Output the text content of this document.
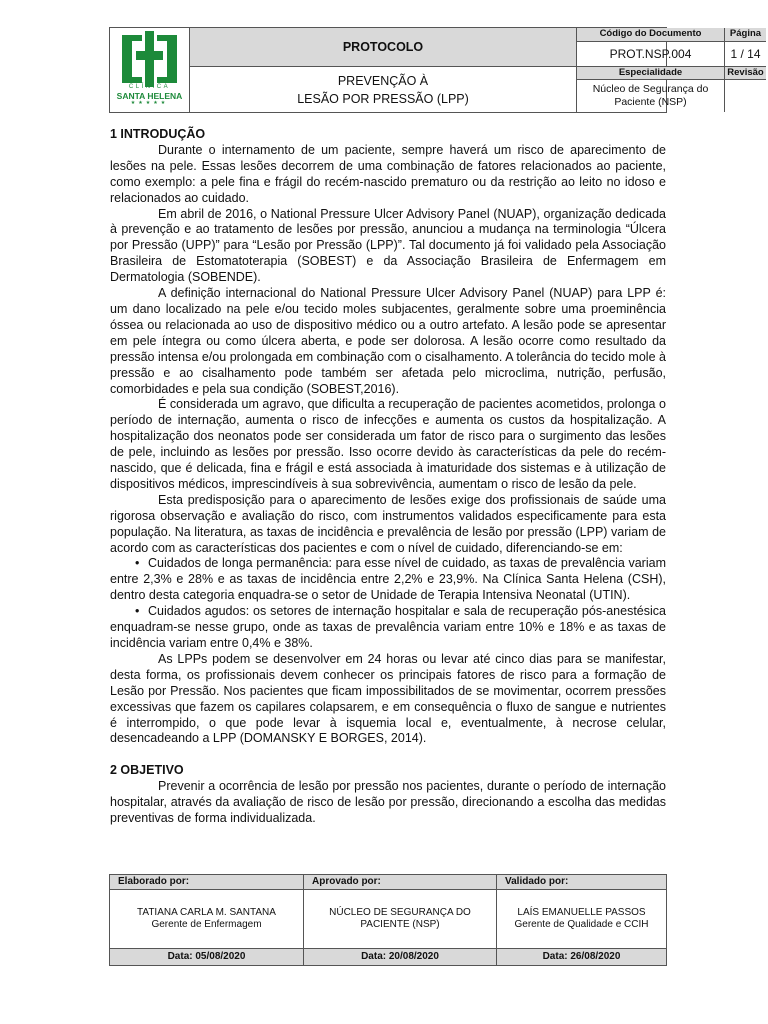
CLÍNICA
SANTA HELENA
★★★★★
PROTOCOLO
PREVENÇÃO À
LESÃO POR PRESSÃO (LPP)
Código do Documento
PROT.NSP.004
Página
1 / 14
Especialidade
Núcleo de Segurança do
Paciente (NSP)
Revisão
1 INTRODUÇÃO

Durante o internamento de um paciente, sempre haverá um risco de aparecimento de lesões na pele. Essas lesões decorrem de uma combinação de fatores relacionados ao paciente, como exemplo: a pele fina e frágil do recém-nascido prematuro ou da restrição ao leito no idoso e relacionados ao cuidado.

Em abril de 2016, o National Pressure Ulcer Advisory Panel (NUAP), organização dedicada à prevenção e ao tratamento de lesões por pressão, anunciou a mudança na terminologia “Úlcera por Pressão (UPP)” para “Lesão por Pressão (LPP)”. Tal documento já foi validado pela Associação Brasileira de Estomatoterapia (SOBEST) e da Associação Brasileira de Enfermagem em Dermatologia (SOBENDE).

A definição internacional do National Pressure Ulcer Advisory Panel (NUAP) para LPP é: um dano localizado na pele e/ou tecido moles subjacentes, geralmente sobre uma proeminência óssea ou relacionada ao uso de dispositivo médico ou a outro artefato. A lesão pode se apresentar em pele íntegra ou como úlcera aberta, e pode ser dolorosa. A lesão ocorre como resultado da pressão intensa e/ou prolongada em combinação com o cisalhamento. A tolerância do tecido mole à pressão e ao cisalhamento pode também ser afetada pelo microclima, nutrição, perfusão, comorbidades e pela sua condição (SOBEST,2016).

É considerada um agravo, que dificulta a recuperação de pacientes acometidos, prolonga o período de internação, aumenta o risco de infecções e aumenta os custos da hospitalização. A hospitalização dos neonatos pode ser considerada um fator de risco para o surgimento das lesões de pele, incluindo as lesões por pressão. Isso ocorre devido às características da pele do recém-nascido, que é delicada, fina e frágil e está associada à imaturidade dos sistemas e à utilização de dispositivos médicos, imprescindíveis à sua sobrevivência, aumentam o risco de lesão da pele.

Esta predisposição para o aparecimento de lesões exige dos profissionais de saúde uma rigorosa observação e avaliação do risco, com instrumentos validados especificamente para esta população. Na literatura, as taxas de incidência e prevalência de lesão por pressão (LPP) variam de acordo com as características dos pacientes e com o nível de cuidado, diferenciando-se em:

• Cuidados de longa permanência: para esse nível de cuidado, as taxas de prevalência variam entre 2,3% e 28% e as taxas de incidência entre 2,2% e 23,9%. Na Clínica Santa Helena (CSH), dentro desta categoria enquadra-se o setor de Unidade de Terapia Intensiva Neonatal (UTIN).
• Cuidados agudos: os setores de internação hospitalar e sala de recuperação pós-anestésica enquadram-se nesse grupo, onde as taxas de prevalência variam entre 10% e 18% e as taxas de incidência variam entre 0,4% e 38%.

As LPPs podem se desenvolver em 24 horas ou levar até cinco dias para se manifestar, desta forma, os profissionais devem conhecer os principais fatores de risco para a formação de Lesão por Pressão. Nos pacientes que ficam impossibilitados de se movimentar, ocorrem pressões excessivas que fazem os capilares colapsarem, e em consequência o fluxo de sangue e nutrientes é interrompido, o que pode levar à isquemia local e, eventualmente, à necrose celular, desencadeando a LPP (DOMANSKY E BORGES, 2014).

2 OBJETIVO

Prevenir a ocorrência de lesão por pressão nos pacientes, durante o período de internação hospitalar, através da avaliação de risco de lesão por pressão, direcionando a escolha das medidas preventivas de forma individualizada.

Elaborado por:
TATIANA CARLA M. SANTANA
Gerente de Enfermagem
Data: 05/08/2020
Aprovado por:
NÚCLEO DE SEGURANÇA DO
PACIENTE (NSP)
Data: 20/08/2020
Validado por:
LAÍS EMANUELLE PASSOS
Gerente de Qualidade e CCIH
Data: 26/08/2020
